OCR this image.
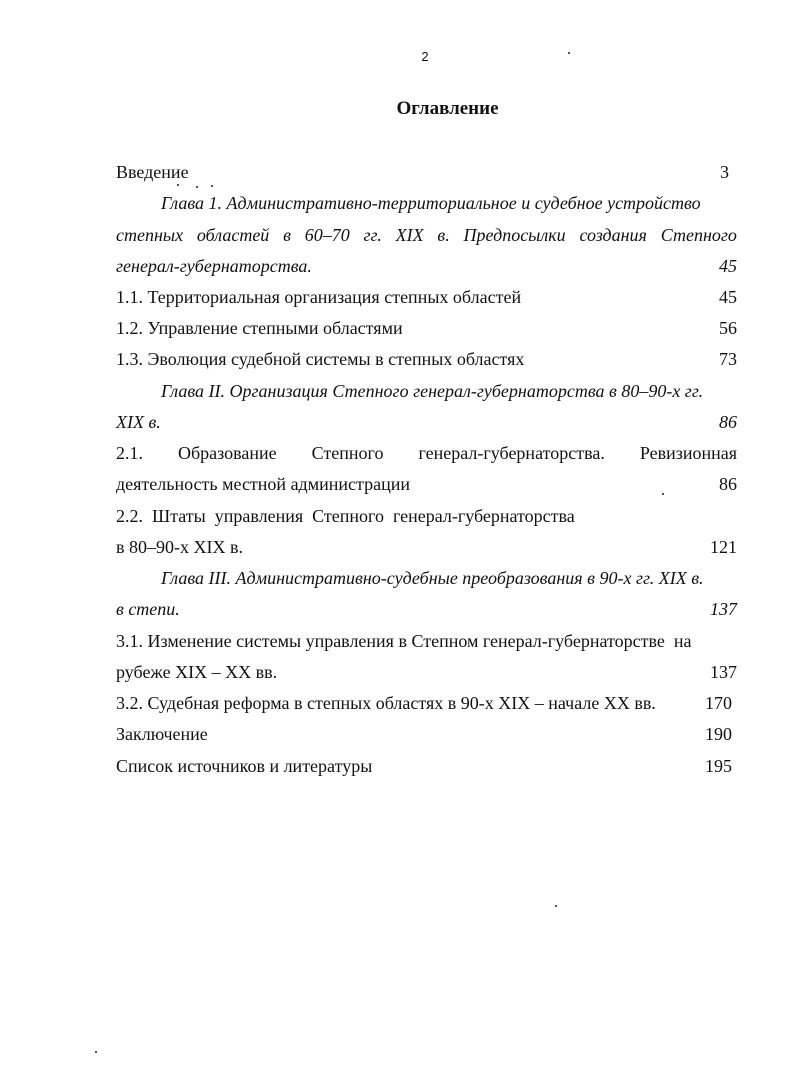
2
Оглавление
Введение	3
Глава 1. Административно-территориальное и судебное устройство
степных областей в 60–70 гг. XIX в. Предпосылки создания Степного
генерал-губернаторства.	45
1.1. Территориальная организация степных областей	45
1.2. Управление степными областями	56
1.3. Эволюция судебной системы в степных областях	73
Глава II. Организация Степного генерал-губернаторства в 80–90-х гг.
XIX в.	86
2.1. Образование Степного генерал-губернаторства. Ревизионная
деятельность местной администрации	86
2.2.  Штаты  управления  Степного  генерал-губернаторства
в 80–90-х XIX в.	121
Глава III. Административно-судебные преобразования в 90-х гг. XIX в.
в степи.	137
3.1. Изменение системы управления в Степном генерал-губернаторстве  на
рубеже XIX – XX вв.	137
3.2. Судебная реформа в степных областях в 90-х XIX – начале XX вв.	170
Заключение	190
Список источников и литературы	195
